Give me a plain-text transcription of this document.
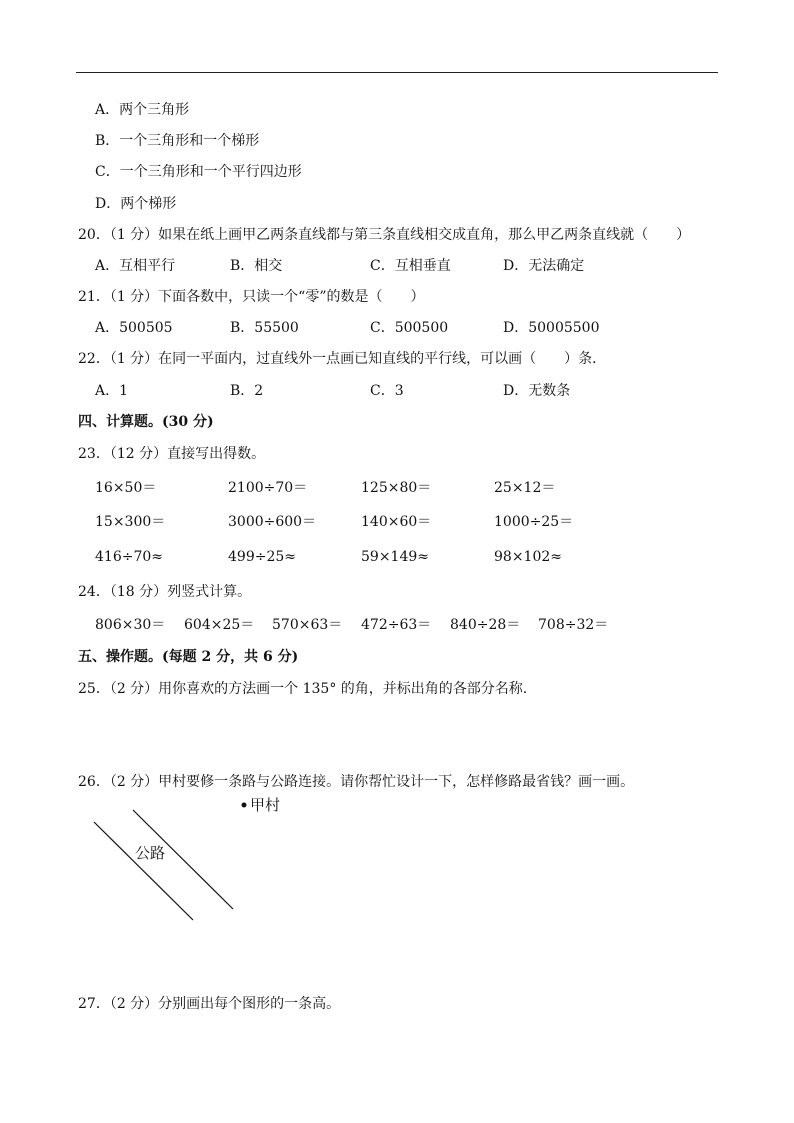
A．两个三角形
B．一个三角形和一个梯形
C．一个三角形和一个平行四边形
D．两个梯形
20．（1 分）如果在纸上画甲乙两条直线都与第三条直线相交成直角，那么甲乙两条直线就（　　）
A．互相平行	B．相交	C．互相垂直	D．无法确定
21．（1 分）下面各数中，只读一个“零”的数是（　　）
A．500505	B．55500	C．500500	D．50005500
22．（1 分）在同一平面内，过直线外一点画已知直线的平行线，可以画（　　）条．
A．1	B．2	C．3	D．无数条
四、计算题。(30 分)
23．（12 分）直接写出得数。
16×50＝	2100÷70＝	125×80＝	25×12＝
15×300＝	3000÷600＝	140×60＝	1000÷25＝
416÷70≈	499÷25≈	59×149≈	98×102≈
24．（18 分）列竖式计算。
806×30＝ 604×25＝ 570×63＝ 472÷63＝ 840÷28＝ 708÷32＝
五、操作题。(每题 2 分，共 6 分)
25．（2 分）用你喜欢的方法画一个 135° 的角，并标出角的各部分名称.
26．（2 分）甲村要修一条路与公路连接。请你帮忙设计一下，怎样修路最省钱？画一画。
甲村
公路
27．（2 分）分别画出每个图形的一条高。
